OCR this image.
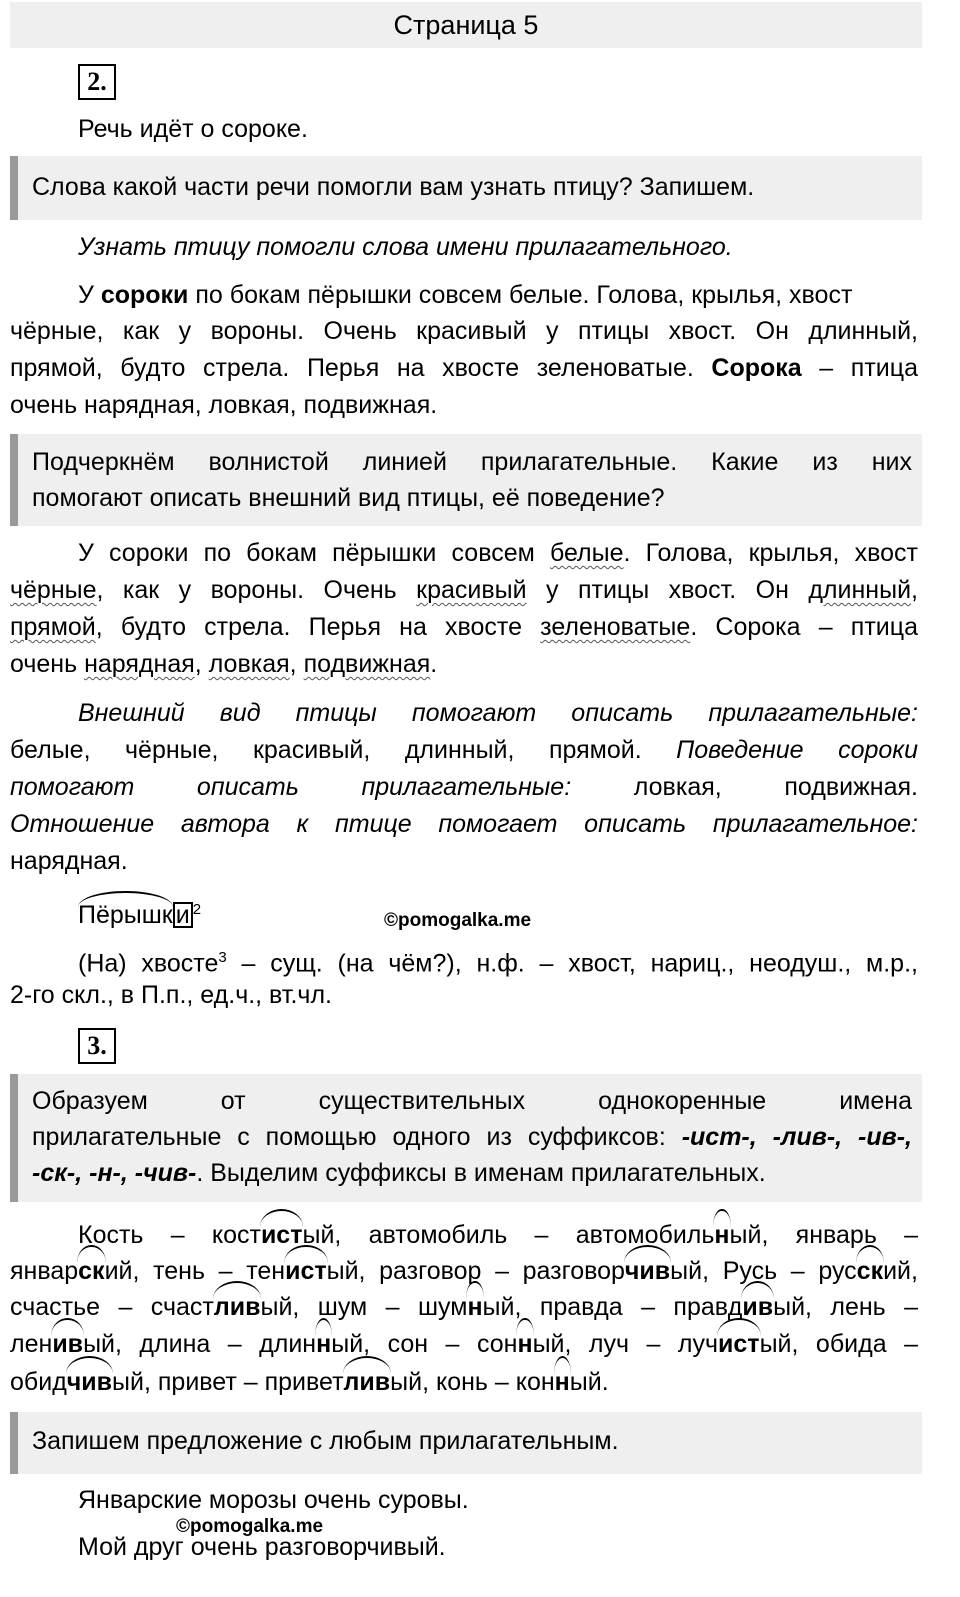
Страница 5
2.
Речь идёт о сороке.
Слова какой части речи помогли вам узнать птицу? Запишем.
Узнать птицу помогли слова имени прилагательного.
У сороки по бокам пёрышки совсем белые. Голова, крылья, хвост
чёрные, как у вороны. Очень красивый у птицы хвост. Он длинный,
прямой, будто стрела. Перья на хвосте зеленоватые. Сорока – птица
очень нарядная, ловкая, подвижная.
Подчеркнём волнистой линией прилагательные. Какие из них
помогают описать внешний вид птицы, её поведение?
У сороки по бокам пёрышки совсем белые. Голова, крылья, хвост
чёрные, как у вороны. Очень красивый у птицы хвост. Он длинный,
прямой, будто стрела. Перья на хвосте зеленоватые. Сорока – птица
очень нарядная, ловкая, подвижная.
Внешний вид птицы помогают описать прилагательные:
белые, чёрные, красивый, длинный, прямой. Поведение сороки
помогают описать прилагательные: ловкая, подвижная.
Отношение автора к птице помогает описать прилагательное:
нарядная.
Пёрышк и $^2$
©pomogalka.me
(На) хвосте$^3$ – сущ. (на чём?), н.ф. – хвост, нариц., неодуш., м.р.,
2-го скл., в П.п., ед.ч., вт.чл.
3.
Образуем от существительных однокоренные имена
прилагательные с помощью одного из суффиксов: -ист-, -лив-, -ив-,
-ск-, -н-, -чив-. Выделим суффиксы в именам прилагательных.
Кость – костистый, автомобиль – автомобильный, январь –
январский, тень – тенистый, разговор – разговорчивый, Русь – русский,
счастье – счастливый, шум – шумный, правда – правдивый, лень –
ленивый, длина – длинный, сон – сонный, луч – лучистый, обида –
обидчивый, привет – приветливый, конь – конный.
Запишем предложение с любым прилагательным.
Январские морозы очень суровы.
©pomogalka.me
Мой друг очень разговорчивый.
